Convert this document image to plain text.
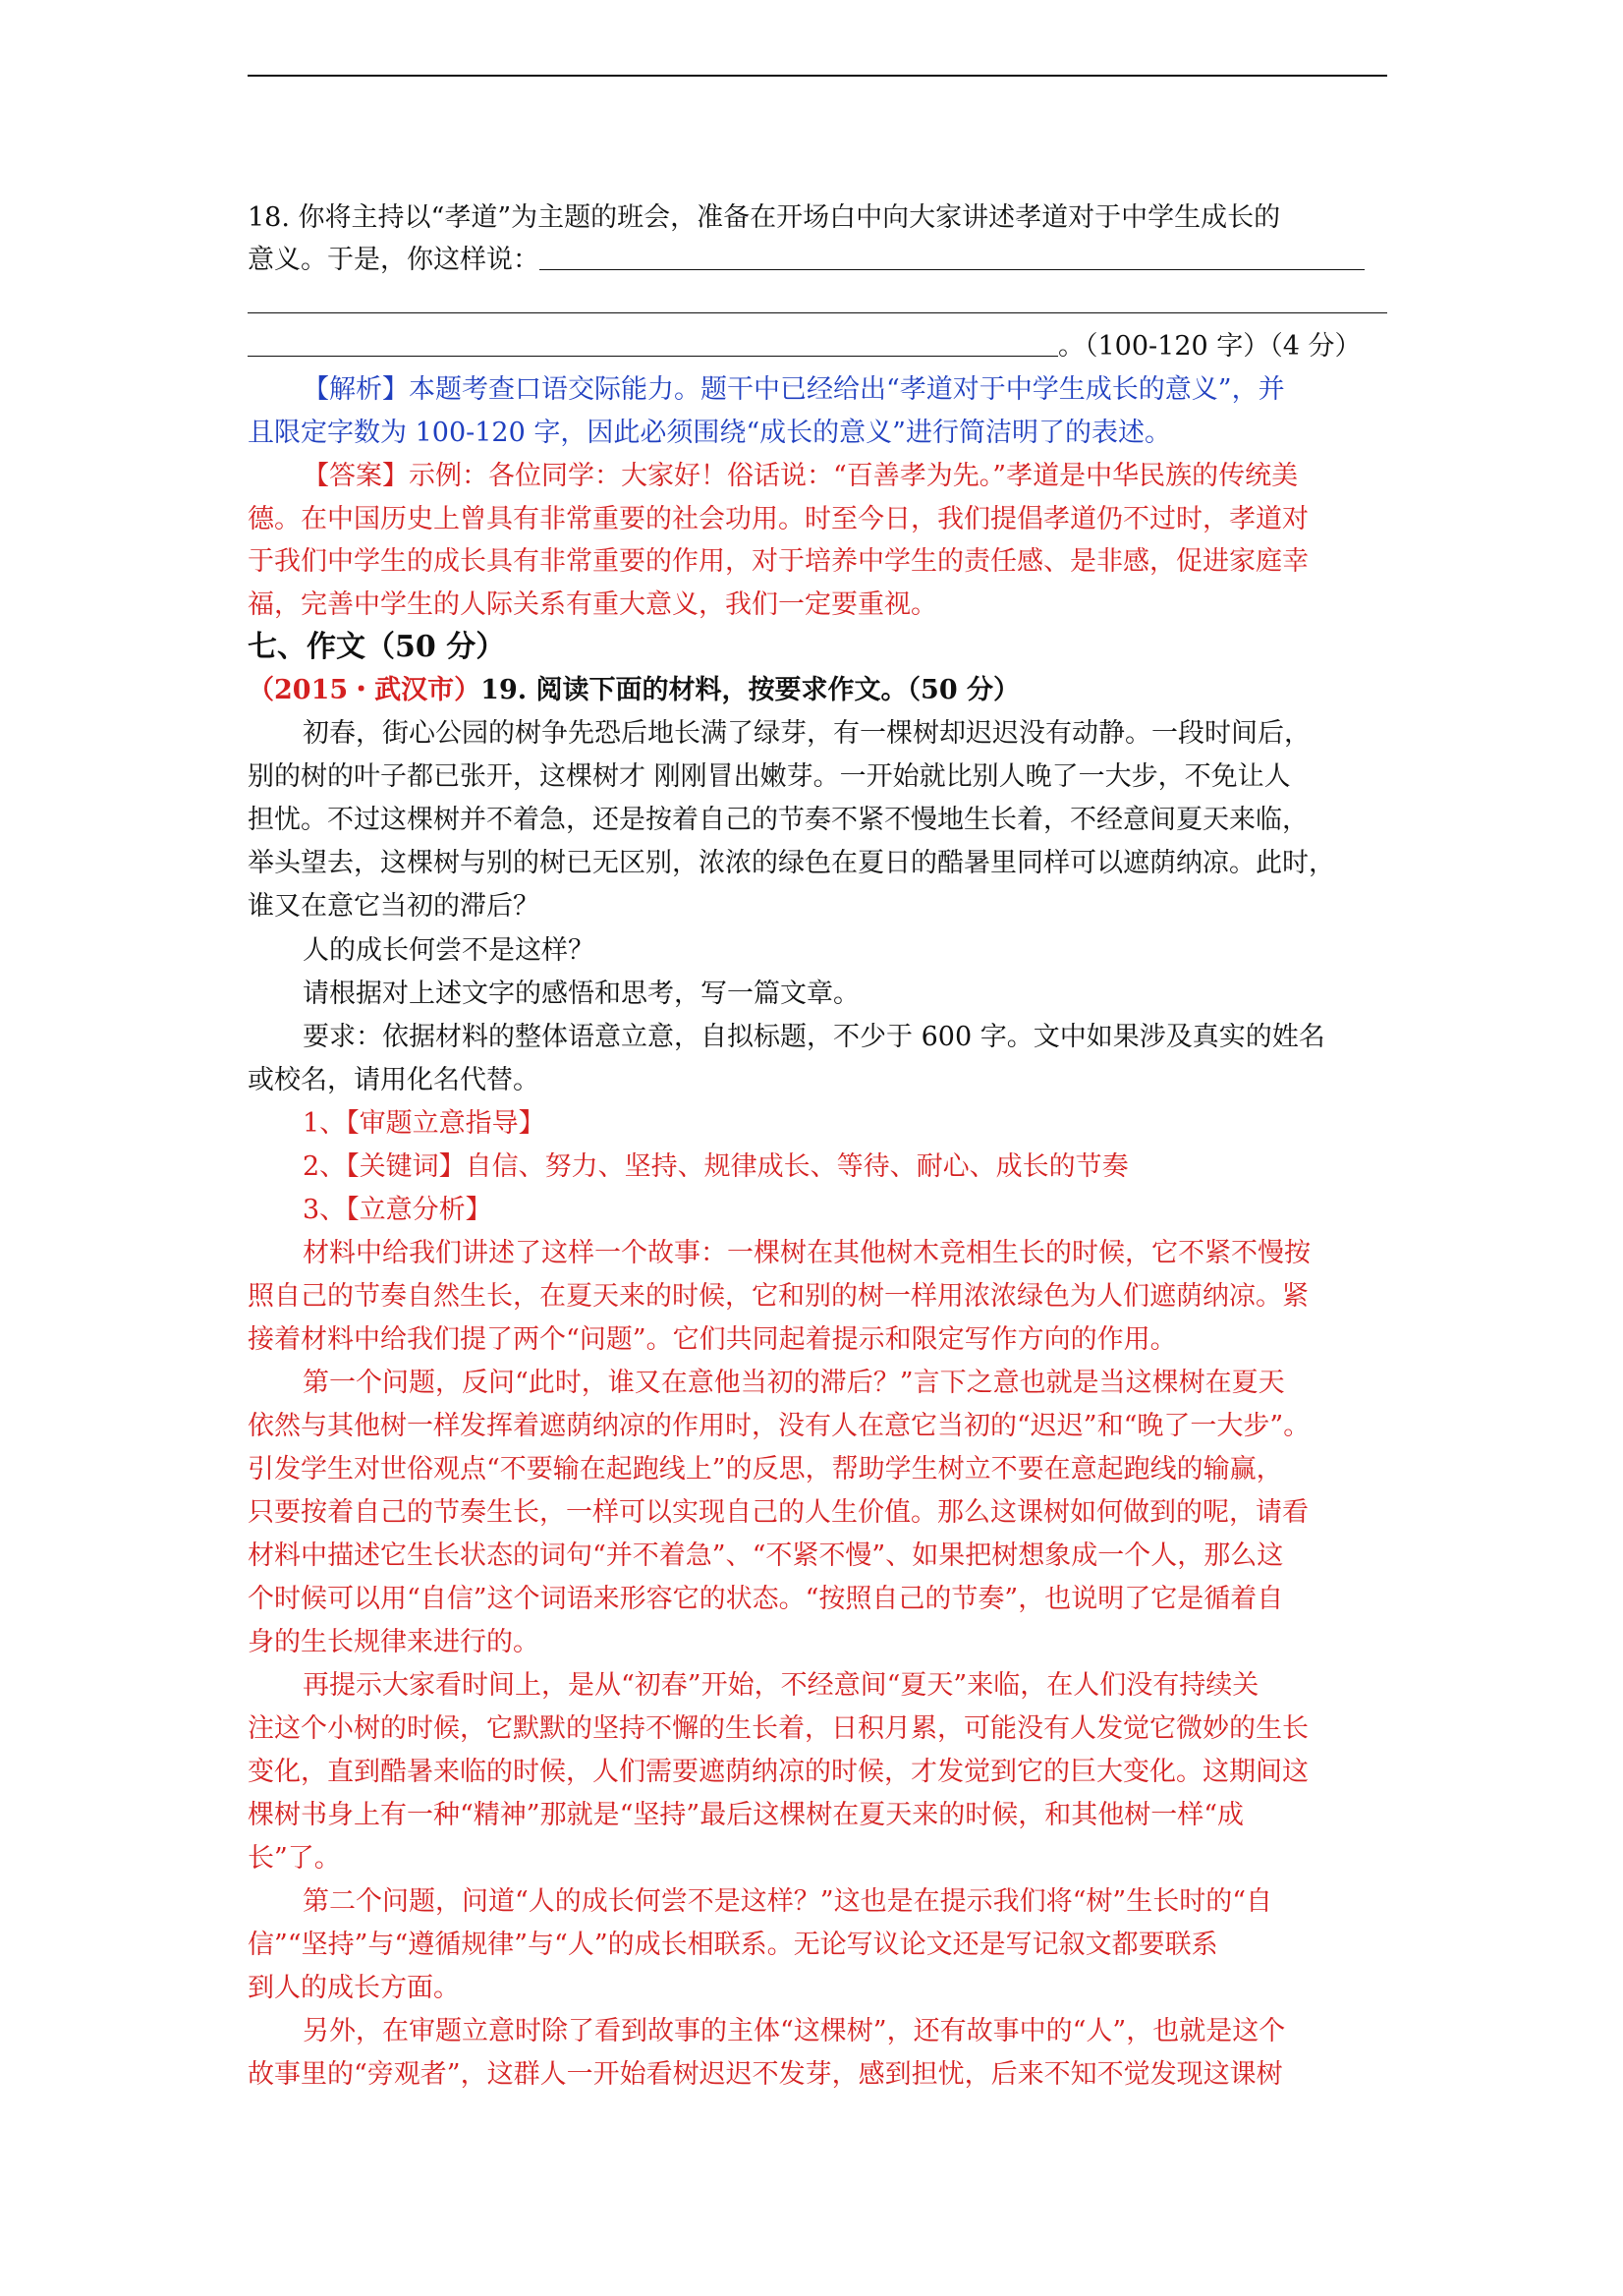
18. 你将主持以“孝道”为主题的班会，准备在开场白中向大家讲述孝道对于中学生成长的
意义。于是，你这样说：
。（100-120 字）（4 分）
【解析】本题考查口语交际能力。题干中已经给出“孝道对于中学生成长的意义”，并
且限定字数为 100-120 字，因此必须围绕“成长的意义”进行简洁明了的表述。
【答案】示例：各位同学：大家好！俗话说：“百善孝为先。”孝道是中华民族的传统美
德。在中国历史上曾具有非常重要的社会功用。时至今日，我们提倡孝道仍不过时，孝道对
于我们中学生的成长具有非常重要的作用，对于培养中学生的责任感、是非感，促进家庭幸
福，完善中学生的人际关系有重大意义，我们一定要重视。
七、作文（50 分）
（2015・武汉市）19. 阅读下面的材料，按要求作文。（50 分）
初春，街心公园的树争先恐后地长满了绿芽，有一棵树却迟迟没有动静。一段时间后，
别的树的叶子都已张开，这棵树才 刚刚冒出嫩芽。一开始就比别人晚了一大步，不免让人
担忧。不过这棵树并不着急，还是按着自己的节奏不紧不慢地生长着，不经意间夏天来临，
举头望去，这棵树与别的树已无区别，浓浓的绿色在夏日的酷暑里同样可以遮荫纳凉。此时，
谁又在意它当初的滞后？
人的成长何尝不是这样？
请根据对上述文字的感悟和思考，写一篇文章。
要求：依据材料的整体语意立意，自拟标题，不少于 600 字。文中如果涉及真实的姓名
或校名，请用化名代替。
1、【审题立意指导】
2、【关键词】自信、努力、坚持、规律成长、等待、耐心、成长的节奏
3、【立意分析】
材料中给我们讲述了这样一个故事：一棵树在其他树木竞相生长的时候，它不紧不慢按
照自己的节奏自然生长，在夏天来的时候，它和别的树一样用浓浓绿色为人们遮荫纳凉。紧
接着材料中给我们提了两个“问题”。它们共同起着提示和限定写作方向的作用。
第一个问题，反问“此时，谁又在意他当初的滞后？”言下之意也就是当这棵树在夏天
依然与其他树一样发挥着遮荫纳凉的作用时，没有人在意它当初的“迟迟”和“晚了一大步”。
引发学生对世俗观点“不要输在起跑线上”的反思，帮助学生树立不要在意起跑线的输赢，
只要按着自己的节奏生长，一样可以实现自己的人生价值。那么这课树如何做到的呢，请看
材料中描述它生长状态的词句“并不着急”、“不紧不慢”、如果把树想象成一个人，那么这
个时候可以用“自信”这个词语来形容它的状态。“按照自己的节奏”，也说明了它是循着自
身的生长规律来进行的。
再提示大家看时间上，是从“初春”开始，不经意间“夏天”来临，在人们没有持续关
注这个小树的时候，它默默的坚持不懈的生长着，日积月累，可能没有人发觉它微妙的生长
变化，直到酷暑来临的时候，人们需要遮荫纳凉的时候，才发觉到它的巨大变化。这期间这
棵树书身上有一种“精神”那就是“坚持”最后这棵树在夏天来的时候，和其他树一样“成
长”了。
第二个问题，问道“人的成长何尝不是这样？”这也是在提示我们将“树”生长时的“自
信”“坚持”与“遵循规律”与“人”的成长相联系。无论写议论文还是写记叙文都要联系
到人的成长方面。
另外，在审题立意时除了看到故事的主体“这棵树”，还有故事中的“人”，也就是这个
故事里的“旁观者”，这群人一开始看树迟迟不发芽，感到担忧，后来不知不觉发现这课树
